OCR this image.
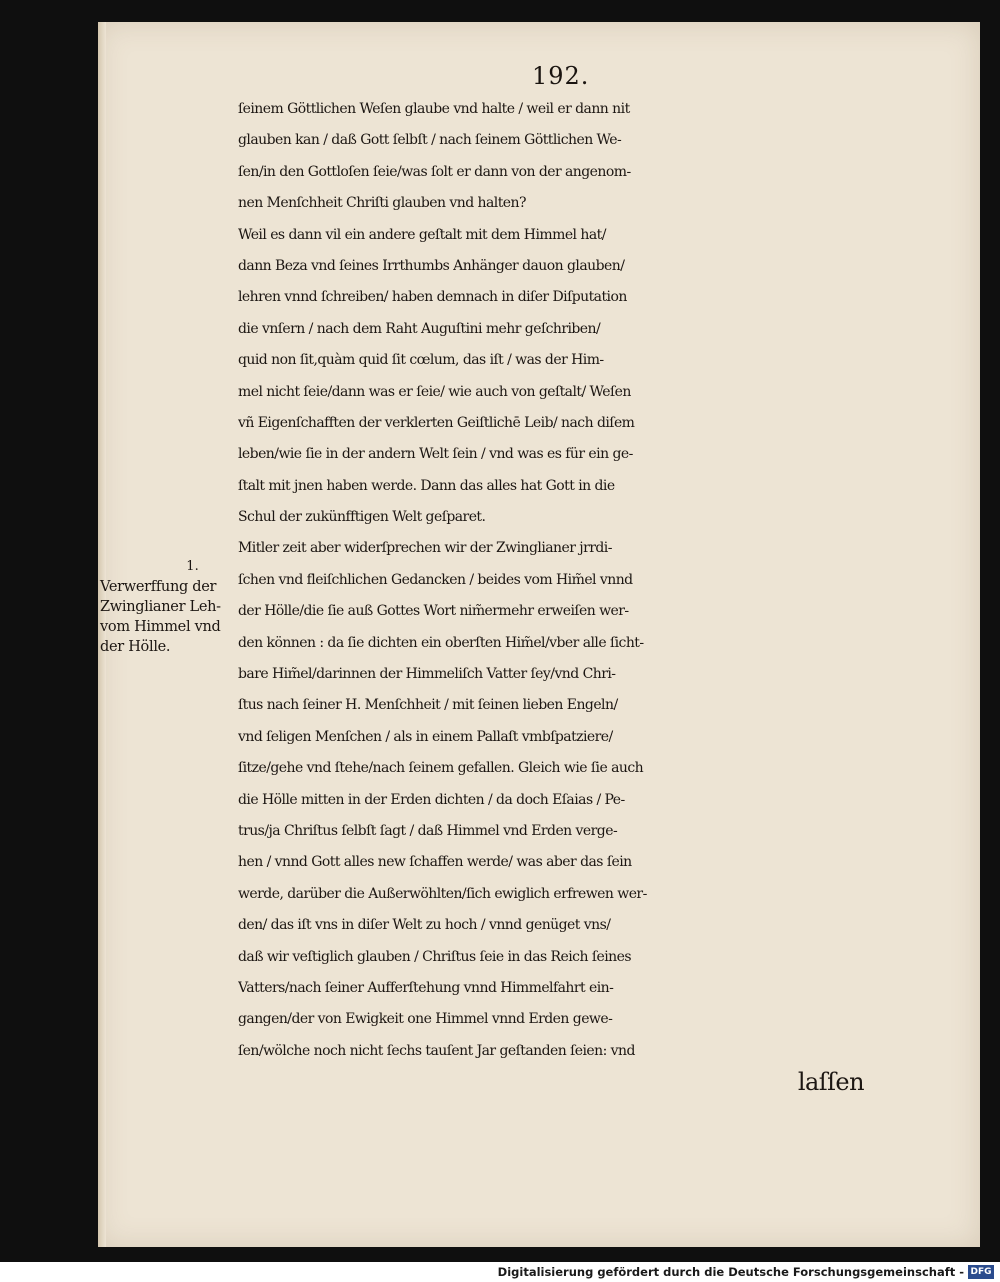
192.
ſeinem Göttlichen Weſen glaube vnd halte / weil er dann nit
glauben kan / daß Gott ſelbſt / nach ſeinem Göttlichen We-
ſen/in den Gottloſen ſeie/was ſolt er dann von der angenom-
nen Menſchheit Chriſti glauben vnd halten?
Weil es dann vil ein andere geſtalt mit dem Himmel hat/
dann Beza vnd ſeines Irrthumbs Anhänger dauon glauben/
lehren vnnd ſchreiben/ haben demnach in diſer Diſputation
die vnſern / nach dem Raht Auguſtini mehr geſchriben/
quid non ſit,quàm quid ſit cœlum, das iſt / was der Him-
mel nicht ſeie/dann was er ſeie/ wie auch von geſtalt/ Weſen
vñ Eigenſchafften der verklerten Geiſtlichē Leib/ nach diſem
leben/wie ſie in der andern Welt ſein / vnd was es für ein ge-
ſtalt mit jnen haben werde. Dann das alles hat Gott in die
Schul der zukünfftigen Welt geſparet.
Mitler zeit aber widerſprechen wir der Zwinglianer jrrdi-
ſchen vnd fleiſchlichen Gedancken / beides vom Him̃el vnnd
der Hölle/die ſie auß Gottes Wort nim̃ermehr erweiſen wer-
den können : da ſie dichten ein oberſten Him̃el/vber alle ſicht-
bare Him̃el/darinnen der Himmeliſch Vatter ſey/vnd Chri-
ſtus nach ſeiner H. Menſchheit / mit ſeinen lieben Engeln/
vnd ſeligen Menſchen / als in einem Pallaſt vmbſpatziere/
ſitze/gehe vnd ſtehe/nach ſeinem gefallen. Gleich wie ſie auch
die Hölle mitten in der Erden dichten / da doch Eſaias / Pe-
trus/ja Chriſtus ſelbſt ſagt / daß Himmel vnd Erden verge-
hen / vnnd Gott alles new ſchaffen werde/ was aber das ſein
werde, darüber die Außerwöhlten/ſich ewiglich erfrewen wer-
den/ das iſt vns in diſer Welt zu hoch / vnnd genüget vns/
daß wir veſtiglich glauben / Chriſtus ſeie in das Reich ſeines
Vatters/nach ſeiner Aufferſtehung vnnd Himmelfahrt ein-
gangen/der von Ewigkeit one Himmel vnnd Erden gewe-
ſen/wölche noch nicht ſechs tauſent Jar geſtanden ſeien: vnd
laſſen
1.
Verwerffung der
Zwinglianer Leh-
vom Himmel vnd
der Hölle.
Digitalisierung gefördert durch die Deutsche Forschungsgemeinschaft - DFG
